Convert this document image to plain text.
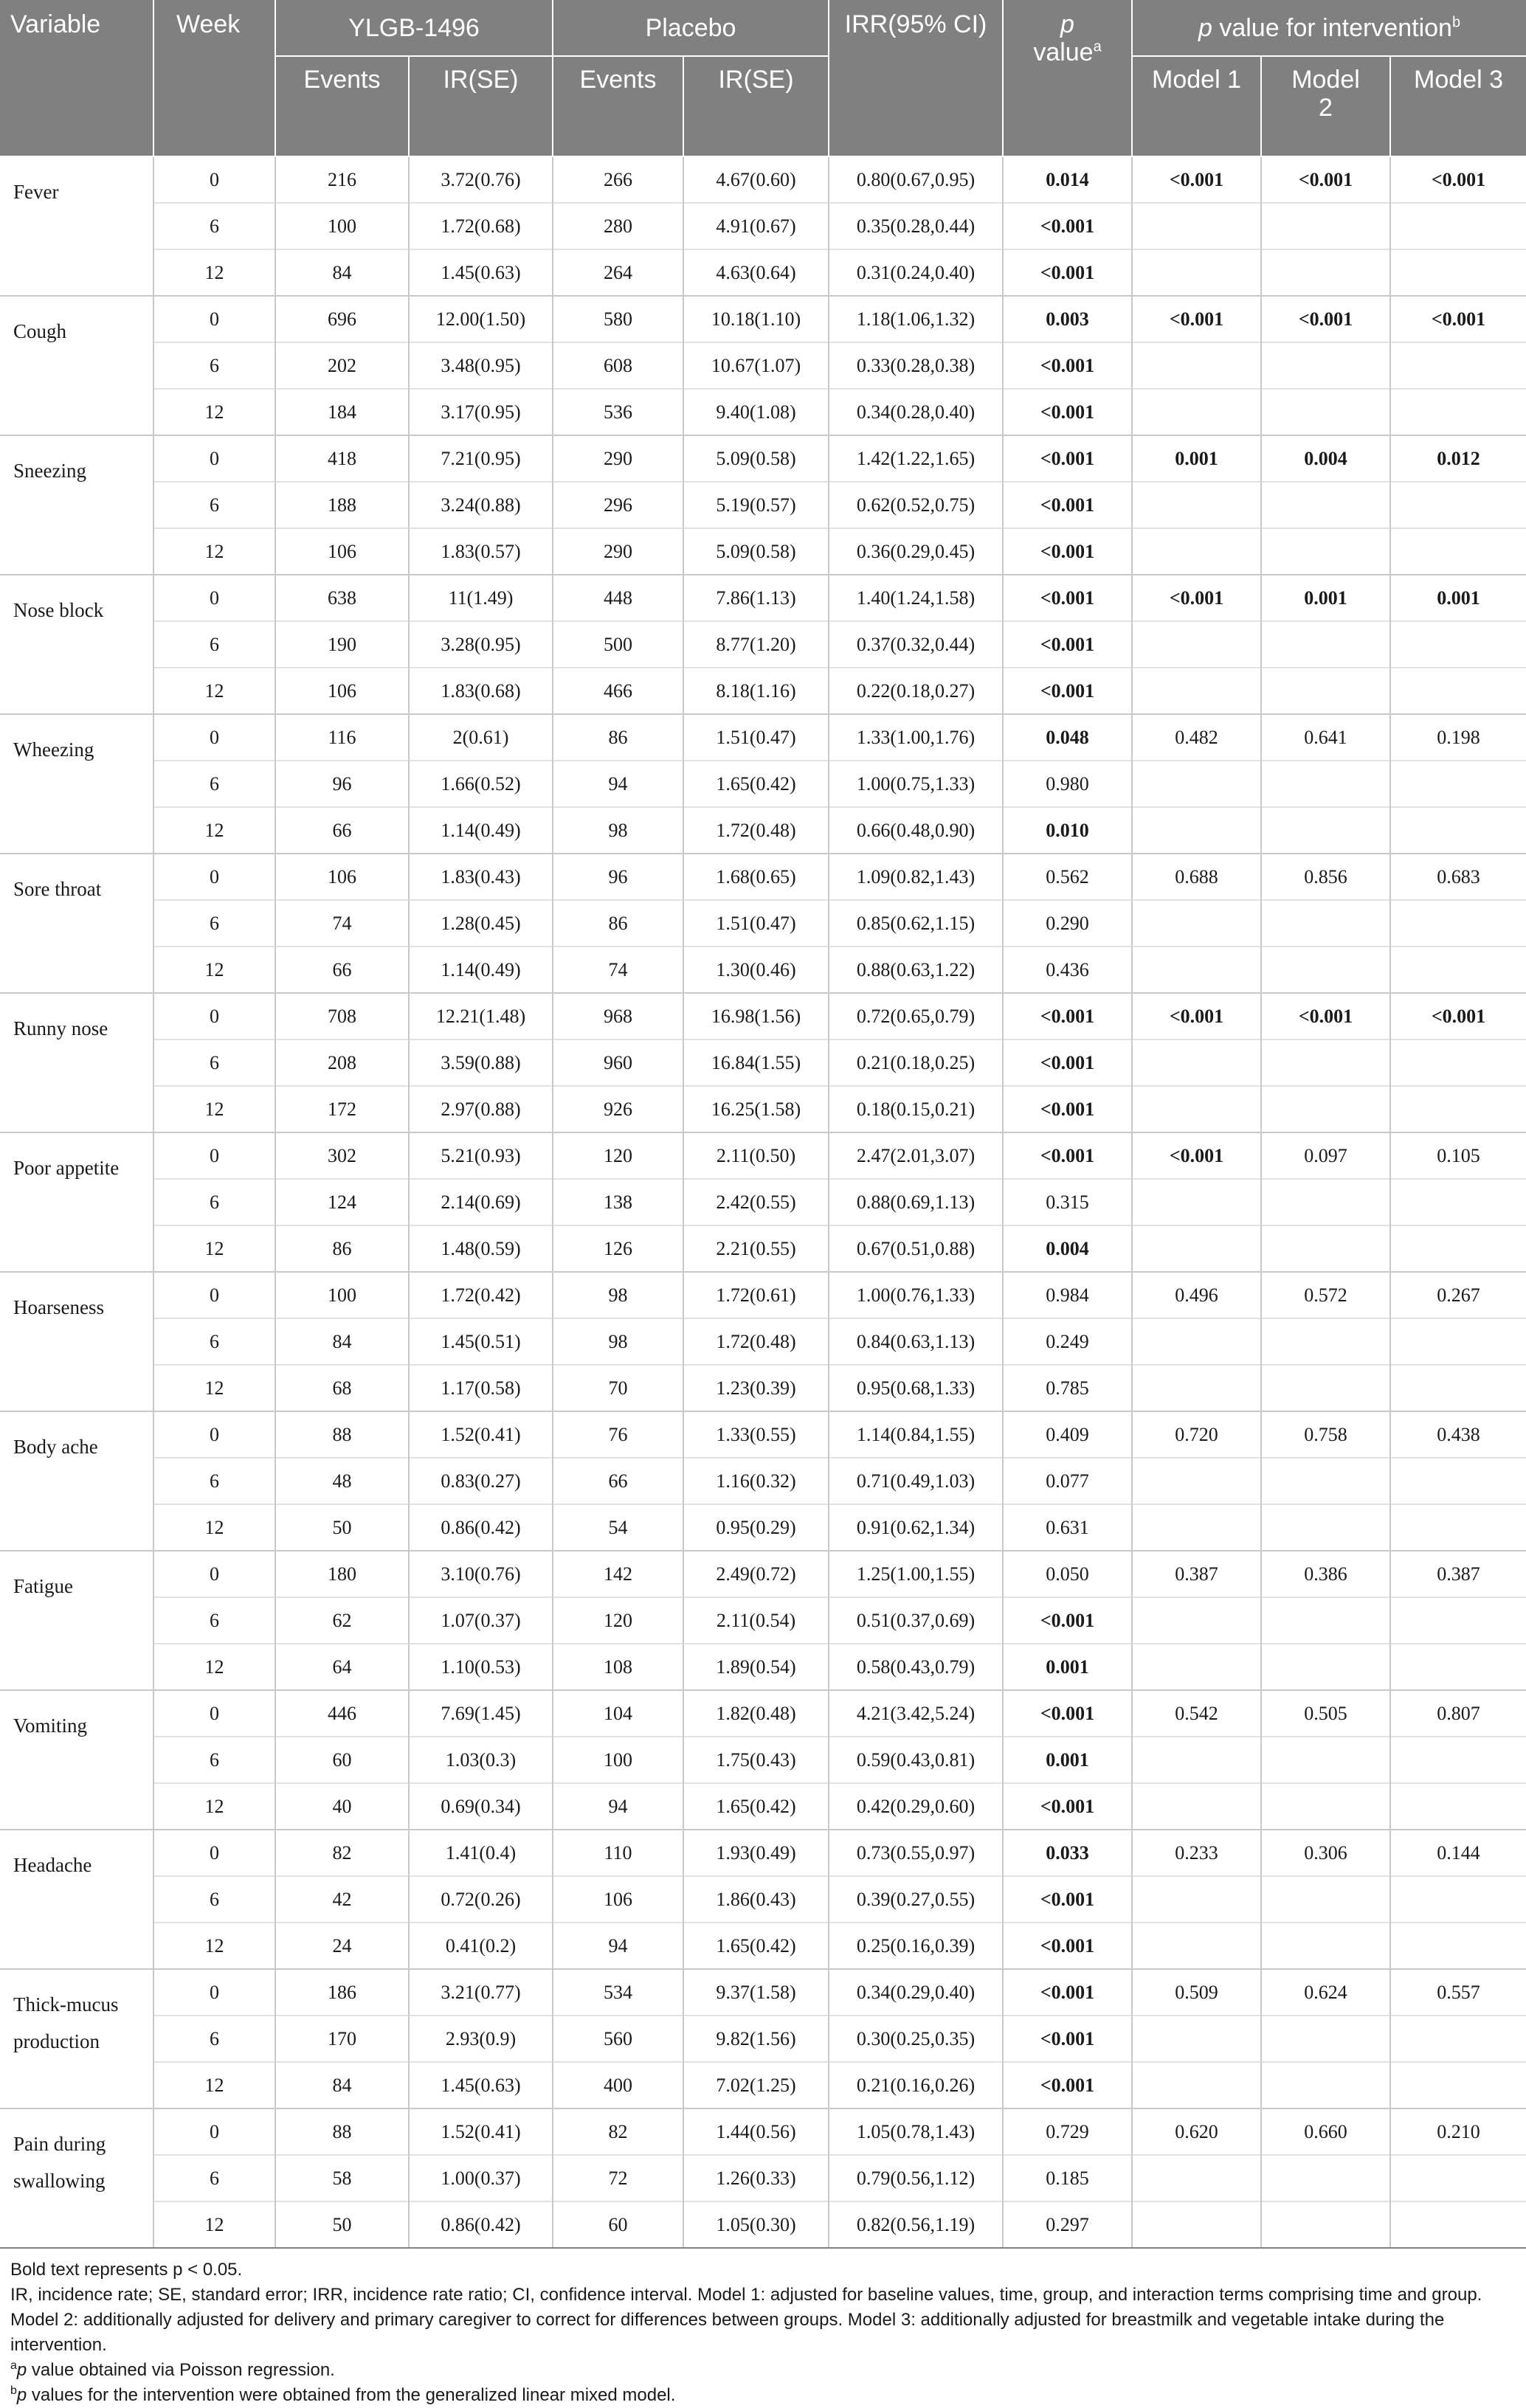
Variable	Week	YLGB-1496		Placebo		IRR(95% CI)	p
value$^a$	p value for intervention$^b$
		Events	IR(SE)	Events	IR(SE)			Model 1	Model 2	Model 3
Fever	0	216	3.72(0.76)	266	4.67(0.60)	0.80(0.67,0.95)	0.014	<0.001	<0.001	<0.001
	6	100	1.72(0.68)	280	4.91(0.67)	0.35(0.28,0.44)	<0.001			
	12	84	1.45(0.63)	264	4.63(0.64)	0.31(0.24,0.40)	<0.001			
Cough	0	696	12.00(1.50)	580	10.18(1.10)	1.18(1.06,1.32)	0.003	<0.001	<0.001	<0.001
	6	202	3.48(0.95)	608	10.67(1.07)	0.33(0.28,0.38)	<0.001			
	12	184	3.17(0.95)	536	9.40(1.08)	0.34(0.28,0.40)	<0.001			
Sneezing	0	418	7.21(0.95)	290	5.09(0.58)	1.42(1.22,1.65)	<0.001	0.001	0.004	0.012
	6	188	3.24(0.88)	296	5.19(0.57)	0.62(0.52,0.75)	<0.001			
	12	106	1.83(0.57)	290	5.09(0.58)	0.36(0.29,0.45)	<0.001			
Nose block	0	638	11(1.49)	448	7.86(1.13)	1.40(1.24,1.58)	<0.001	<0.001	0.001	0.001
	6	190	3.28(0.95)	500	8.77(1.20)	0.37(0.32,0.44)	<0.001			
	12	106	1.83(0.68)	466	8.18(1.16)	0.22(0.18,0.27)	<0.001			
Wheezing	0	116	2(0.61)	86	1.51(0.47)	1.33(1.00,1.76)	0.048	0.482	0.641	0.198
	6	96	1.66(0.52)	94	1.65(0.42)	1.00(0.75,1.33)	0.980			
	12	66	1.14(0.49)	98	1.72(0.48)	0.66(0.48,0.90)	0.010			
Sore throat	0	106	1.83(0.43)	96	1.68(0.65)	1.09(0.82,1.43)	0.562	0.688	0.856	0.683
	6	74	1.28(0.45)	86	1.51(0.47)	0.85(0.62,1.15)	0.290			
	12	66	1.14(0.49)	74	1.30(0.46)	0.88(0.63,1.22)	0.436			
Runny nose	0	708	12.21(1.48)	968	16.98(1.56)	0.72(0.65,0.79)	<0.001	<0.001	<0.001	<0.001
	6	208	3.59(0.88)	960	16.84(1.55)	0.21(0.18,0.25)	<0.001			
	12	172	2.97(0.88)	926	16.25(1.58)	0.18(0.15,0.21)	<0.001			
Poor appetite	0	302	5.21(0.93)	120	2.11(0.50)	2.47(2.01,3.07)	<0.001	<0.001	0.097	0.105
	6	124	2.14(0.69)	138	2.42(0.55)	0.88(0.69,1.13)	0.315			
	12	86	1.48(0.59)	126	2.21(0.55)	0.67(0.51,0.88)	0.004			
Hoarseness	0	100	1.72(0.42)	98	1.72(0.61)	1.00(0.76,1.33)	0.984	0.496	0.572	0.267
	6	84	1.45(0.51)	98	1.72(0.48)	0.84(0.63,1.13)	0.249			
	12	68	1.17(0.58)	70	1.23(0.39)	0.95(0.68,1.33)	0.785			
Body ache	0	88	1.52(0.41)	76	1.33(0.55)	1.14(0.84,1.55)	0.409	0.720	0.758	0.438
	6	48	0.83(0.27)	66	1.16(0.32)	0.71(0.49,1.03)	0.077			
	12	50	0.86(0.42)	54	0.95(0.29)	0.91(0.62,1.34)	0.631			
Fatigue	0	180	3.10(0.76)	142	2.49(0.72)	1.25(1.00,1.55)	0.050	0.387	0.386	0.387
	6	62	1.07(0.37)	120	2.11(0.54)	0.51(0.37,0.69)	<0.001			
	12	64	1.10(0.53)	108	1.89(0.54)	0.58(0.43,0.79)	0.001			
Vomiting	0	446	7.69(1.45)	104	1.82(0.48)	4.21(3.42,5.24)	<0.001	0.542	0.505	0.807
	6	60	1.03(0.3)	100	1.75(0.43)	0.59(0.43,0.81)	0.001			
	12	40	0.69(0.34)	94	1.65(0.42)	0.42(0.29,0.60)	<0.001			
Headache	0	82	1.41(0.4)	110	1.93(0.49)	0.73(0.55,0.97)	0.033	0.233	0.306	0.144
	6	42	0.72(0.26)	106	1.86(0.43)	0.39(0.27,0.55)	<0.001			
	12	24	0.41(0.2)	94	1.65(0.42)	0.25(0.16,0.39)	<0.001			
Thick-mucus production	0	186	3.21(0.77)	534	9.37(1.58)	0.34(0.29,0.40)	<0.001	0.509	0.624	0.557
	6	170	2.93(0.9)	560	9.82(1.56)	0.30(0.25,0.35)	<0.001			
	12	84	1.45(0.63)	400	7.02(1.25)	0.21(0.16,0.26)	<0.001			
Pain during swallowing	0	88	1.52(0.41)	82	1.44(0.56)	1.05(0.78,1.43)	0.729	0.620	0.660	0.210
	6	58	1.00(0.37)	72	1.26(0.33)	0.79(0.56,1.12)	0.185			
	12	50	0.86(0.42)	60	1.05(0.30)	0.82(0.56,1.19)	0.297			

Bold text represents p < 0.05.

IR, incidence rate; SE, standard error; IRR, incidence rate ratio; CI, confidence interval. Model 1: adjusted for baseline values, time, group, and interaction terms comprising time and group. Model 2: additionally adjusted for delivery and primary caregiver to correct for differences between groups. Model 3: additionally adjusted for breastmilk and vegetable intake during the intervention.

$^a$p value obtained via Poisson regression.

$^b$p values for the intervention were obtained from the generalized linear mixed model.
